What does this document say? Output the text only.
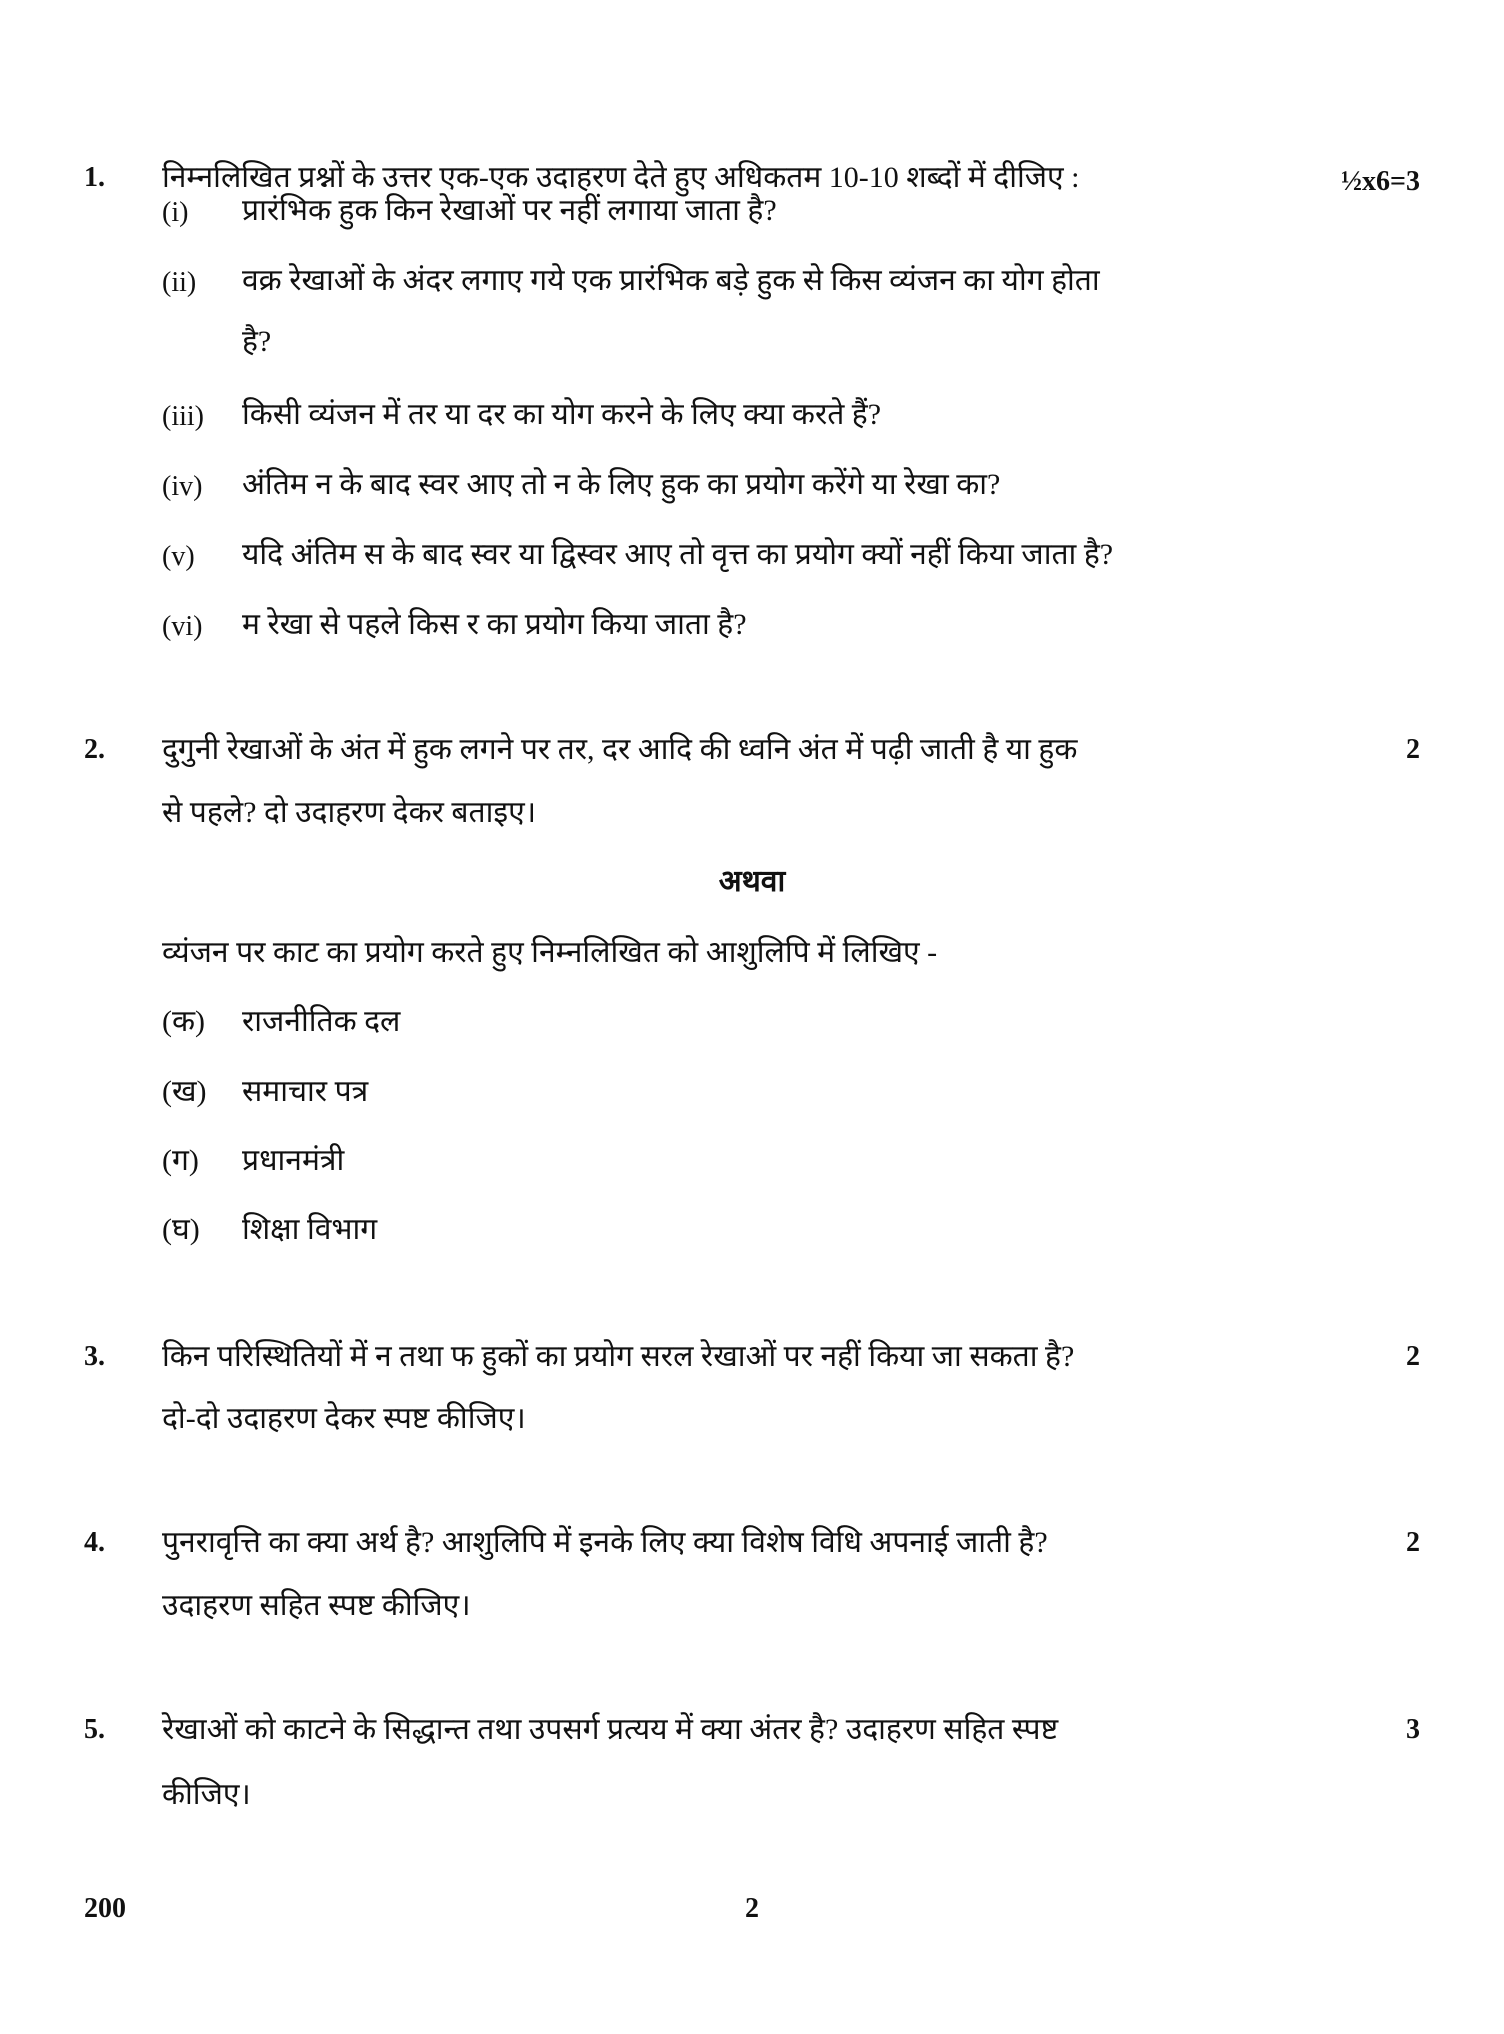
1. निम्नलिखित प्रश्नों के उत्तर एक-एक उदाहरण देते हुए अधिकतम 10-10 शब्दों में दीजिए :	½x6=3
(i) प्रारंभिक हुक किन रेखाओं पर नहीं लगाया जाता है?
(ii) वक्र रेखाओं के अंदर लगाए गये एक प्रारंभिक बड़े हुक से किस व्यंजन का योग होता
है?
(iii) किसी व्यंजन में तर या दर का योग करने के लिए क्या करते हैं?
(iv) अंतिम न के बाद स्वर आए तो न के लिए हुक का प्रयोग करेंगे या रेखा का?
(v) यदि अंतिम स के बाद स्वर या द्विस्वर आए तो वृत्त का प्रयोग क्यों नहीं किया जाता है?
(vi) म रेखा से पहले किस र का प्रयोग किया जाता है?
2. दुगुनी रेखाओं के अंत में हुक लगने पर तर, दर आदि की ध्वनि अंत में पढ़ी जाती है या हुक	2
से पहले? दो उदाहरण देकर बताइए।
अथवा
व्यंजन पर काट का प्रयोग करते हुए निम्नलिखित को आशुलिपि में लिखिए -
(क) राजनीतिक दल
(ख) समाचार पत्र
(ग) प्रधानमंत्री
(घ) शिक्षा विभाग
3. किन परिस्थितियों में न तथा फ हुकों का प्रयोग सरल रेखाओं पर नहीं किया जा सकता है?	2
दो-दो उदाहरण देकर स्पष्ट कीजिए।
4. पुनरावृत्ति का क्या अर्थ है? आशुलिपि में इनके लिए क्या विशेष विधि अपनाई जाती है?	2
उदाहरण सहित स्पष्ट कीजिए।
5. रेखाओं को काटने के सिद्धान्त तथा उपसर्ग प्रत्यय में क्या अंतर है? उदाहरण सहित स्पष्ट	3
कीजिए।
200	2
